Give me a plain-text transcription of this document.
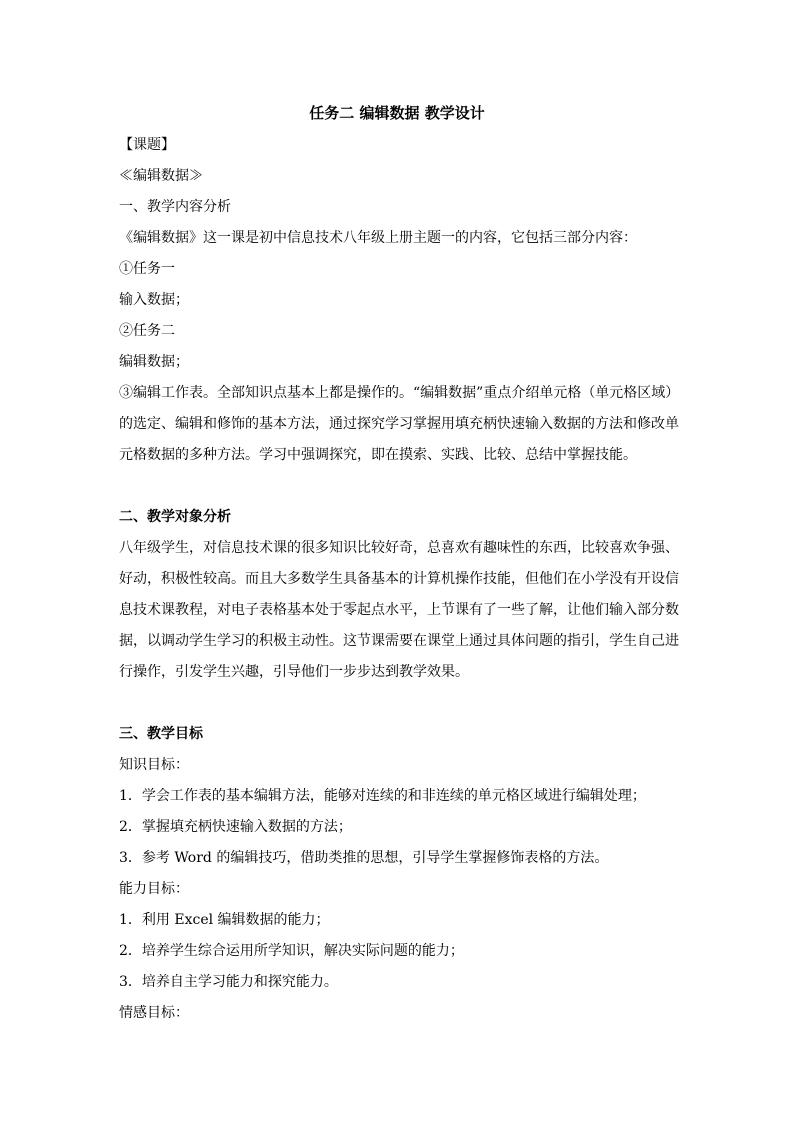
任务二 编辑数据 教学设计

【课题】

≪编辑数据≫

一、教学内容分析

《编辑数据》这一课是初中信息技术八年级上册主题一的内容，它包括三部分内容：

①任务一

输入数据；

②任务二

编辑数据；

③编辑工作表。全部知识点基本上都是操作的。“编辑数据”重点介绍单元格（单元格区域）的选定、编辑和修饰的基本方法，通过探究学习掌握用填充柄快速输入数据的方法和修改单元格数据的多种方法。学习中强调探究，即在摸索、实践、比较、总结中掌握技能。

二、教学对象分析

八年级学生，对信息技术课的很多知识比较好奇，总喜欢有趣味性的东西，比较喜欢争强、好动，积极性较高。而且大多数学生具备基本的计算机操作技能，但他们在小学没有开设信息技术课教程，对电子表格基本处于零起点水平，上节课有了一些了解，让他们输入部分数据，以调动学生学习的积极主动性。这节课需要在课堂上通过具体问题的指引，学生自己进行操作，引发学生兴趣，引导他们一步步达到教学效果。

三、教学目标

知识目标：

1．学会工作表的基本编辑方法，能够对连续的和非连续的单元格区域进行编辑处理；

2．掌握填充柄快速输入数据的方法；

3．参考 Word 的编辑技巧，借助类推的思想，引导学生掌握修饰表格的方法。

能力目标：

1．利用 Excel 编辑数据的能力；

2．培养学生综合运用所学知识，解决实际问题的能力；

3．培养自主学习能力和探究能力。

情感目标：
